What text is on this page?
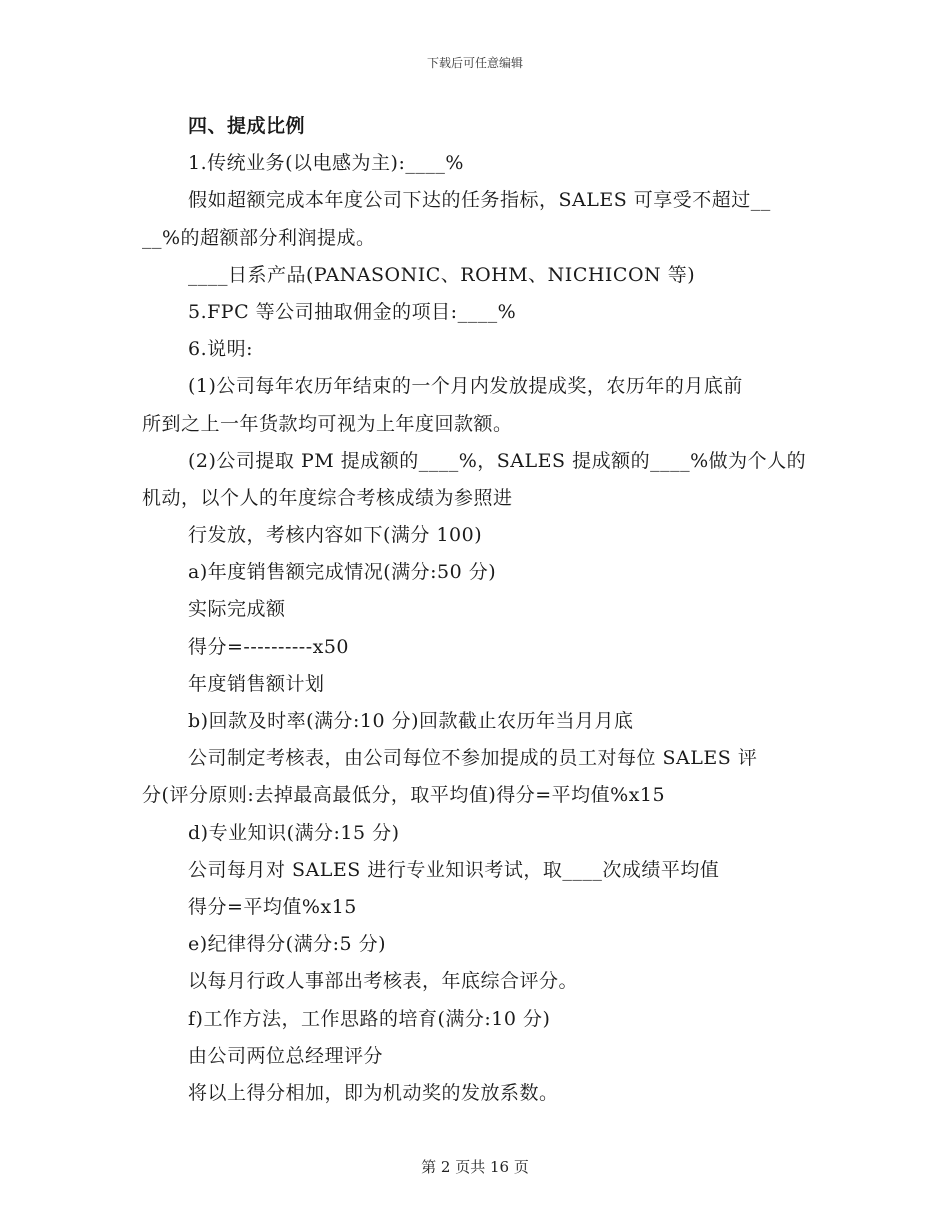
下载后可任意编辑
四、提成比例
1.传统业务(以电感为主):____%
假如超额完成本年度公司下达的任务指标，SALES 可享受不超过__
__%的超额部分利润提成。
____日系产品(PANASONIC、ROHM、NICHICON 等)
5.FPC 等公司抽取佣金的项目:____%
6.说明:
(1)公司每年农历年结束的一个月内发放提成奖，农历年的月底前
所到之上一年货款均可视为上年度回款额。
(2)公司提取 PM 提成额的____%，SALES 提成额的____%做为个人的
机动，以个人的年度综合考核成绩为参照进
行发放，考核内容如下(满分 100)
a)年度销售额完成情况(满分:50 分)
实际完成额
得分=----------x50
年度销售额计划
b)回款及时率(满分:10 分)回款截止农历年当月月底
公司制定考核表，由公司每位不参加提成的员工对每位 SALES 评
分(评分原则:去掉最高最低分，取平均值)得分=平均值%x15
d)专业知识(满分:15 分)
公司每月对 SALES 进行专业知识考试，取____次成绩平均值
得分=平均值%x15
e)纪律得分(满分:5 分)
以每月行政人事部出考核表，年底综合评分。
f)工作方法，工作思路的培育(满分:10 分)
由公司两位总经理评分
将以上得分相加，即为机动奖的发放系数。
第 2 页共 16 页
